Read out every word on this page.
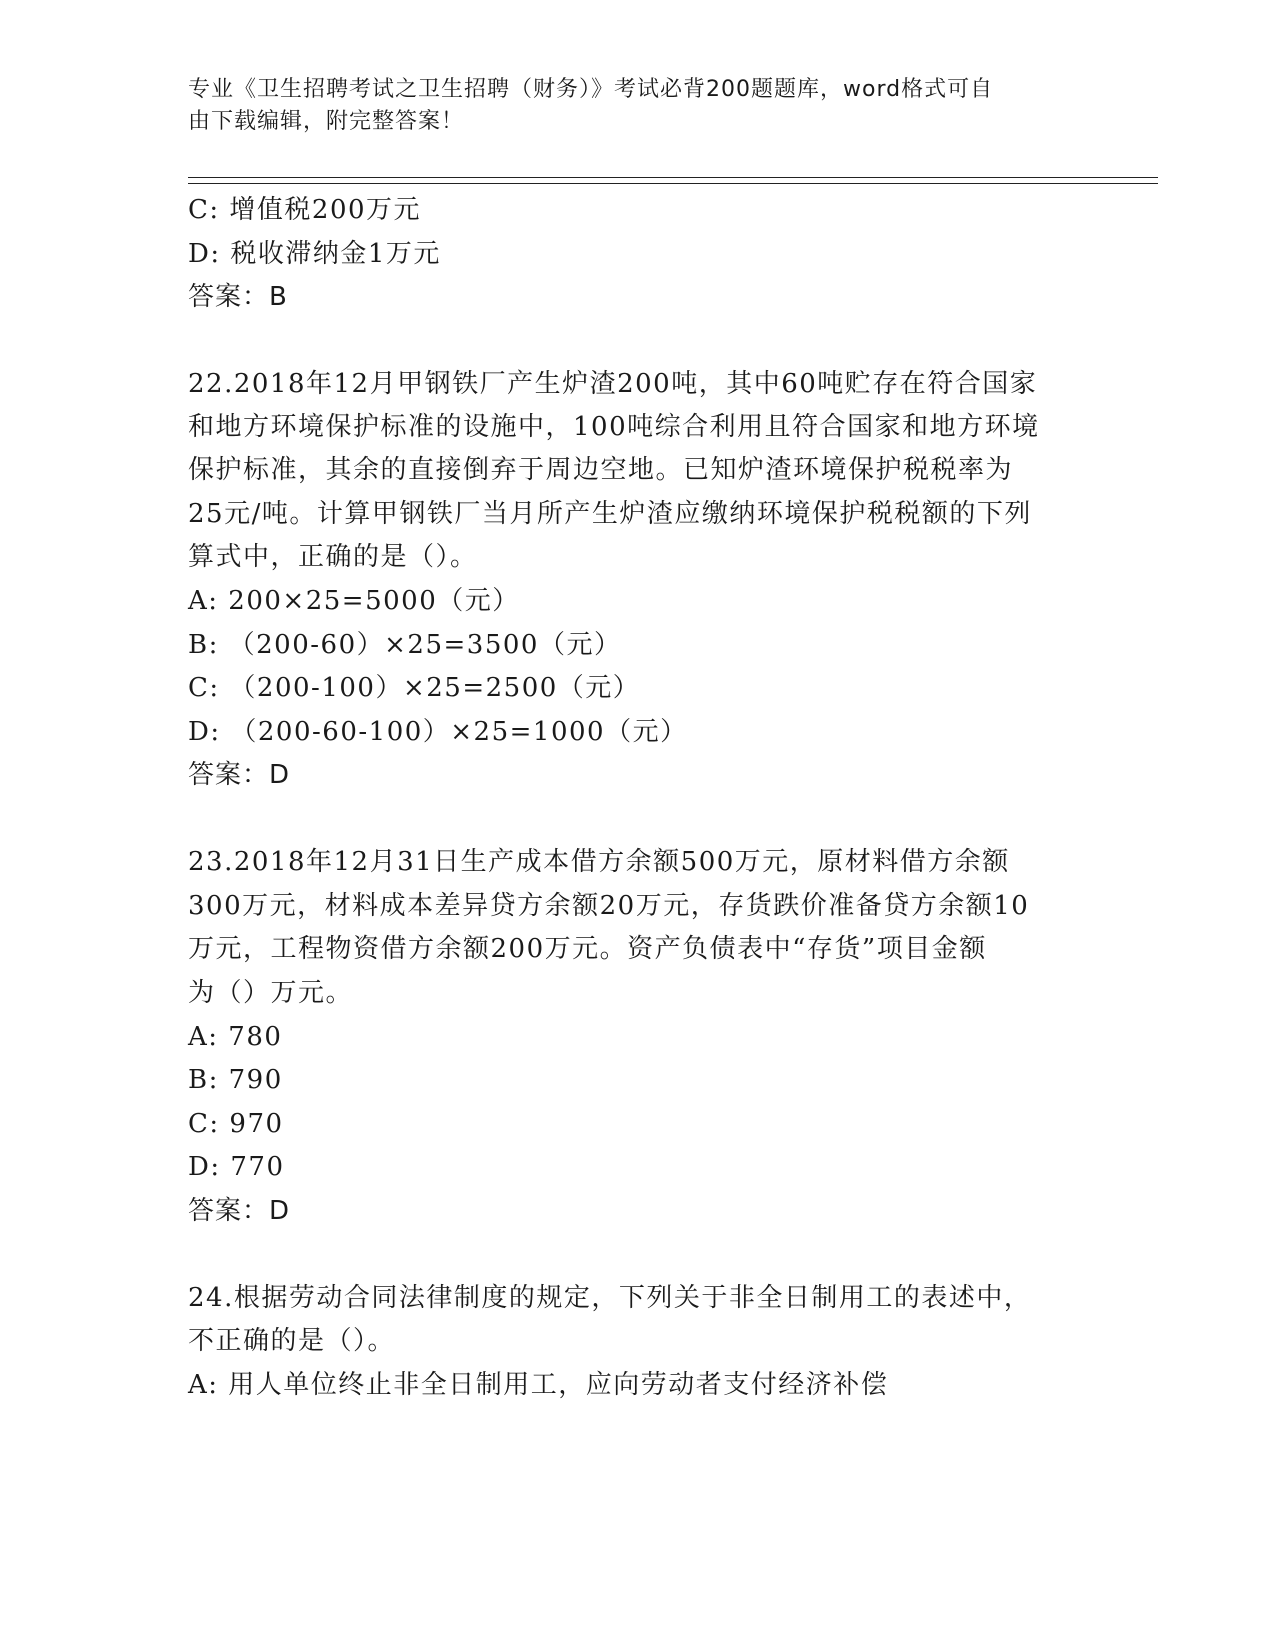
专业《卫生招聘考试之卫生招聘（财务）》考试必背200题题库，word格式可自
由下载编辑，附完整答案！
C: 增值税200万元
D: 税收滞纳金1万元
答案：B
22.2018年12月甲钢铁厂产生炉渣200吨，其中60吨贮存在符合国家
和地方环境保护标准的设施中，100吨综合利用且符合国家和地方环境
保护标准，其余的直接倒弃于周边空地。已知炉渣环境保护税税率为
25元/吨。计算甲钢铁厂当月所产生炉渣应缴纳环境保护税税额的下列
算式中，正确的是（）。
A: 200×25=5000（元）
B: （200-60）×25=3500（元）
C: （200-100）×25=2500（元）
D: （200-60-100）×25=1000（元）
答案：D
23.2018年12月31日生产成本借方余额500万元，原材料借方余额
300万元，材料成本差异贷方余额20万元，存货跌价准备贷方余额10
万元，工程物资借方余额200万元。资产负债表中“存货”项目金额
为（）万元。
A: 780
B: 790
C: 970
D: 770
答案：D
24.根据劳动合同法律制度的规定，下列关于非全日制用工的表述中，
不正确的是（）。
A: 用人单位终止非全日制用工，应向劳动者支付经济补偿
